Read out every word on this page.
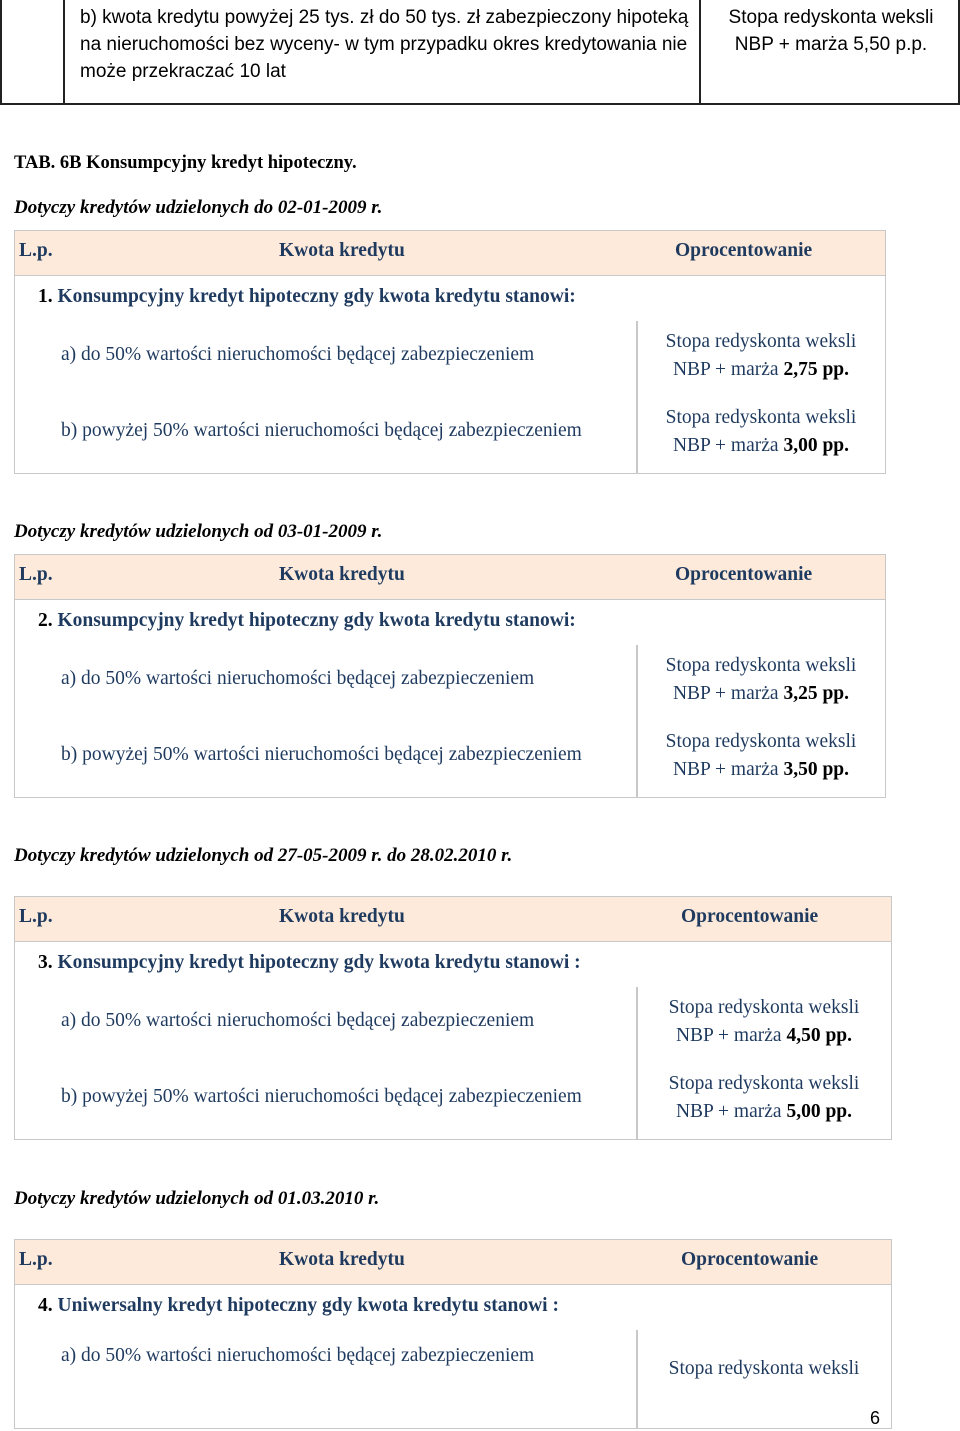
b) kwota kredytu powyżej 25 tys. zł do 50 tys. zł zabezpieczony hipoteką na nieruchomości bez wyceny- w tym przypadku okres kredytowania nie może przekraczać 10 lat
Stopa redyskonta weksli
NBP + marża 5,50 p.p.
TAB. 6B Konsumpcyjny kredyt hipoteczny.
Dotyczy kredytów udzielonych do 02-01-2009 r.
L.p.	Kwota kredytu	Oprocentowanie
1. Konsumpcyjny kredyt hipoteczny gdy kwota kredytu stanowi:
a) do 50% wartości nieruchomości będącej zabezpieczeniem
Stopa redyskonta weksli
NBP + marża 2,75 pp.
b) powyżej 50% wartości nieruchomości będącej zabezpieczeniem
Stopa redyskonta weksli
NBP + marża 3,00 pp.
Dotyczy kredytów udzielonych od 03-01-2009 r.
L.p.	Kwota kredytu	Oprocentowanie
2. Konsumpcyjny kredyt hipoteczny gdy kwota kredytu stanowi:
a) do 50% wartości nieruchomości będącej zabezpieczeniem
Stopa redyskonta weksli
NBP + marża 3,25 pp.
b) powyżej 50% wartości nieruchomości będącej zabezpieczeniem
Stopa redyskonta weksli
NBP + marża 3,50 pp.
Dotyczy kredytów udzielonych od 27-05-2009 r. do 28.02.2010 r.
L.p.	Kwota kredytu	Oprocentowanie
3. Konsumpcyjny kredyt hipoteczny gdy kwota kredytu stanowi :
a) do 50% wartości nieruchomości będącej zabezpieczeniem
Stopa redyskonta weksli
NBP + marża 4,50 pp.
b) powyżej 50% wartości nieruchomości będącej zabezpieczeniem
Stopa redyskonta weksli
NBP + marża 5,00 pp.
Dotyczy kredytów udzielonych od 01.03.2010 r.
L.p.	Kwota kredytu	Oprocentowanie
4. Uniwersalny kredyt hipoteczny gdy kwota kredytu stanowi :
a) do 50% wartości nieruchomości będącej zabezpieczeniem
Stopa redyskonta weksli
6
